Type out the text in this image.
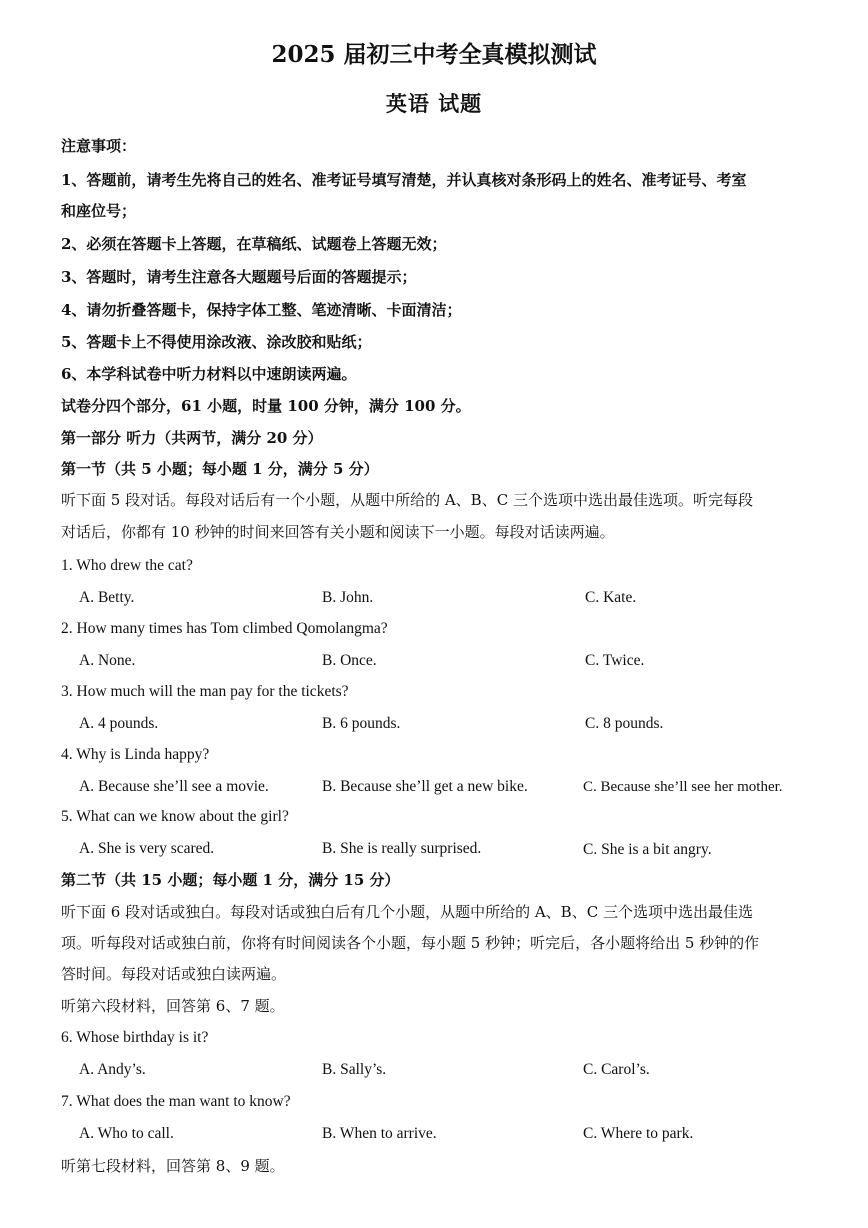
2025 届初三中考全真模拟测试
英语 试题
注意事项：
1、答题前，请考生先将自己的姓名、准考证号填写清楚，并认真核对条形码上的姓名、准考证号、考室
和座位号；
2、必须在答题卡上答题，在草稿纸、试题卷上答题无效；
3、答题时，请考生注意各大题题号后面的答题提示；
4、请勿折叠答题卡，保持字体工整、笔迹清晰、卡面清洁；
5、答题卡上不得使用涂改液、涂改胶和贴纸；
6、本学科试卷中听力材料以中速朗读两遍。
试卷分四个部分，61 小题，时量 100 分钟，满分 100 分。
第一部分 听力（共两节，满分 20 分）
第一节（共 5 小题；每小题 1 分，满分 5 分）
听下面 5 段对话。每段对话后有一个小题，从题中所给的 A、B、C 三个选项中选出最佳选项。听完每段
对话后，你都有 10 秒钟的时间来回答有关小题和阅读下一小题。每段对话读两遍。
1. Who drew the cat?
A. Betty.	B. John.	C. Kate.
2. How many times has Tom climbed Qomolangma?
A. None.	B. Once.	C. Twice.
3. How much will the man pay for the tickets?
A. 4 pounds.	B. 6 pounds.	C. 8 pounds.
4. Why is Linda happy?
A. Because she’ll see a movie.	B. Because she’ll get a new bike.	C. Because she’ll see her mother.
5. What can we know about the girl?
A. She is very scared.	B. She is really surprised.	C. She is a bit angry.
第二节（共 15 小题；每小题 1 分，满分 15 分）
听下面 6 段对话或独白。每段对话或独白后有几个小题，从题中所给的 A、B、C 三个选项中选出最佳选
项。听每段对话或独白前，你将有时间阅读各个小题，每小题 5 秒钟；听完后，各小题将给出 5 秒钟的作
答时间。每段对话或独白读两遍。
听第六段材料，回答第 6、7 题。
6. Whose birthday is it?
A. Andy’s.	B. Sally’s.	C. Carol’s.
7. What does the man want to know?
A. Who to call.	B. When to arrive.	C. Where to park.
听第七段材料，回答第 8、9 题。
